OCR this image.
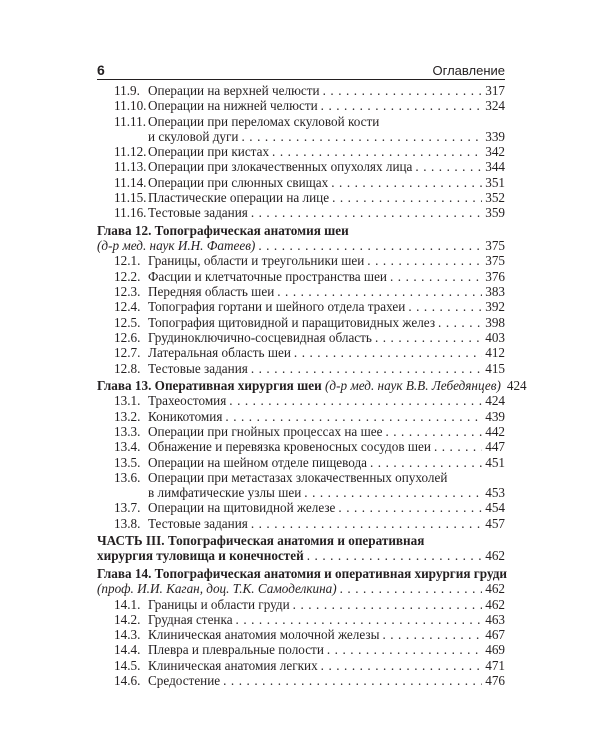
6	Оглавление
11.9. Операции на верхней челюсти . . .	317
11.10. Операции на нижней челюсти . . .	324
11.11. Операции при переломах скуловой кости
и скуловой дуги . . .	339
11.12. Операции при кистах . . .	342
11.13. Операции при злокачественных опухолях лица . . .	344
11.14. Операции при слюнных свищах . . .	351
11.15. Пластические операции на лице . . .	352
11.16. Тестовые задания . . .	359
Глава 12. Топографическая анатомия шеи
(д-р мед. наук И.Н. Фатеев) . . .	375
12.1. Границы, области и треугольники шеи . . .	375
12.2. Фасции и клетчаточные пространства шеи . . .	376
12.3. Передняя область шеи . . .	383
12.4. Топография гортани и шейного отдела трахеи . . .	392
12.5. Топография щитовидной и паращитовидных желез . . .	398
12.6. Грудиноключично-сосцевидная область . . .	403
12.7. Латеральная область шеи . . .	412
12.8. Тестовые задания . . .	415
Глава 13. Оперативная хирургия шеи
(д-р мед. наук В.В. Лебедянцев) 424
13.1. Трахеостомия . . .	424
13.2. Коникотомия . . .	439
13.3. Операции при гнойных процессах на шее . . .	442
13.4. Обнажение и перевязка кровеносных сосудов шеи . . .	447
13.5. Операции на шейном отделе пищевода . . .	451
13.6. Операции при метастазах злокачественных опухолей
в лимфатические узлы шеи . . .	453
13.7. Операции на щитовидной железе . . .	454
13.8. Тестовые задания . . .	457
ЧАСТЬ III. Топографическая анатомия и оперативная
хирургия туловища и конечностей . . .	462
Глава 14. Топографическая анатомия и оперативная хирургия груди
(проф. И.И. Каган, доц. Т.К. Самоделкина) . . .	462
14.1. Границы и области груди . . .	462
14.2. Грудная стенка . . .	463
14.3. Клиническая анатомия молочной железы . . .	467
14.4. Плевра и плевральные полости . . .	469
14.5. Клиническая анатомия легких . . .	471
14.6. Средостение . . .	476
